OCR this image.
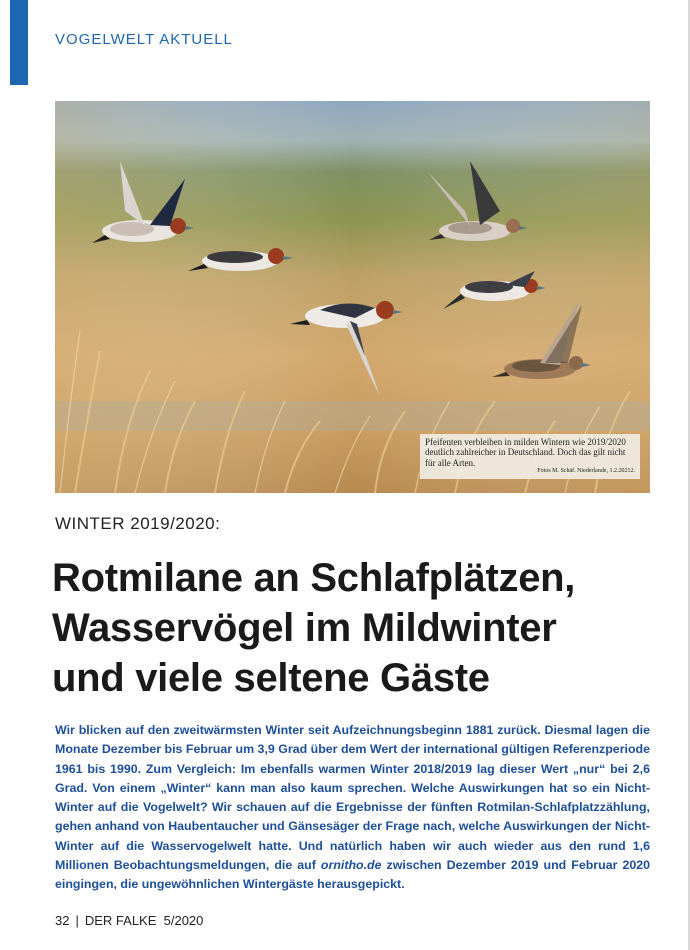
VOGELWELT AKTUELL
Pfeifenten verbleiben in milden Wintern wie 2019/2020 deutlich zahlreicher in Deutschland. Doch das gilt nicht für alle Arten.
Fotos M. Schäf. Niederlande, 1.2.20212.
WINTER 2019/2020:
Rotmilane an Schlafplätzen,
Wasservögel im Mildwinter
und viele seltene Gäste
Wir blicken auf den zweitwärmsten Winter seit Aufzeichnungsbeginn 1881 zurück. Diesmal lagen die Monate Dezember bis Februar um 3,9 Grad über dem Wert der international gültigen Referenzperiode 1961 bis 1990. Zum Vergleich: Im ebenfalls warmen Winter 2018/2019 lag dieser Wert „nur“ bei 2,6 Grad. Von einem „Winter“ kann man also kaum sprechen. Welche Auswirkungen hat so ein Nicht-Winter auf die Vogelwelt? Wir schauen auf die Ergebnisse der fünften Rotmilan-Schlafplatzzählung, gehen anhand von Haubentaucher und Gänsesäger der Frage nach, welche Auswirkungen der Nicht-Winter auf die Wasservogelwelt hatte. Und natürlich haben wir auch wieder aus den rund 1,6 Millionen Beobachtungsmeldungen, die auf ornitho.de zwischen Dezember 2019 und Februar 2020 eingingen, die ungewöhnlichen Wintergäste herausgepickt.
32 | DER FALKE 5/2020
